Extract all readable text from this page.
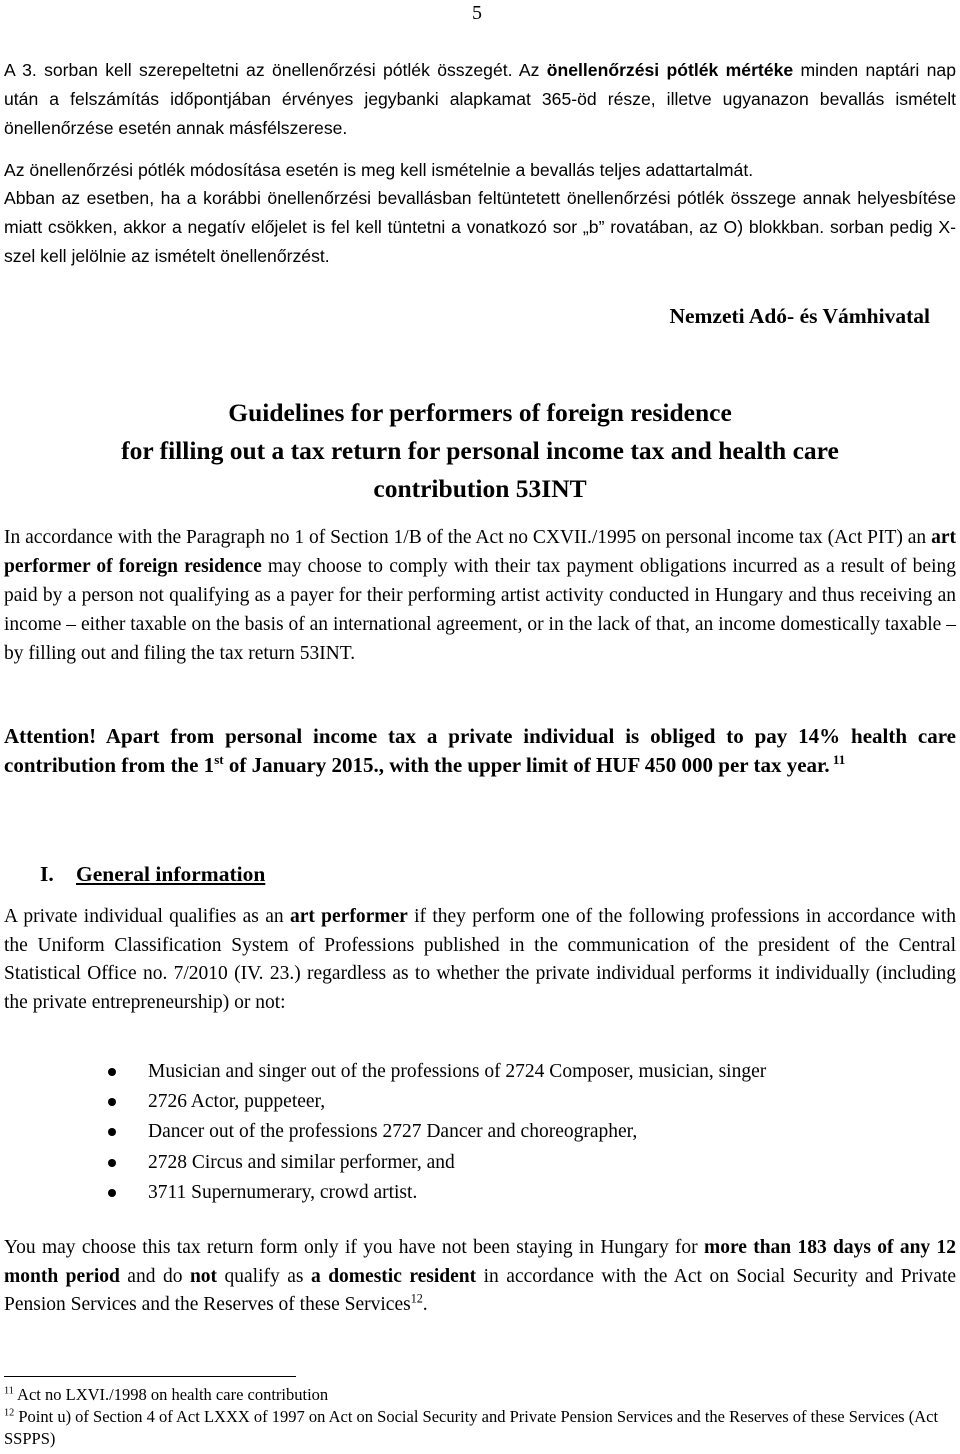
5

A 3. sorban kell szerepeltetni az önellenőrzési pótlék összegét. Az önellenőrzési pótlék mértéke minden naptári nap után a felszámítás időpontjában érvényes jegybanki alapkamat 365-öd része, illetve ugyanazon bevallás ismételt önellenőrzése esetén annak másfélszerese.

Az önellenőrzési pótlék módosítása esetén is meg kell ismételnie a bevallás teljes adattartalmát.

Abban az esetben, ha a korábbi önellenőrzési bevallásban feltüntetett önellenőrzési pótlék összege annak helyesbítése miatt csökken, akkor a negatív előjelet is fel kell tüntetni a vonatkozó sor „b” rovatában, az O) blokkban. sorban pedig X-szel kell jelölnie az ismételt önellenőrzést.

Nemzeti Adó- és Vámhivatal
Guidelines for performers of foreign residence
for filling out a tax return for personal income tax and health care
contribution 53INT

In accordance with the Paragraph no 1 of Section 1/B of the Act no CXVII./1995 on personal income tax (Act PIT) an art performer of foreign residence may choose to comply with their tax payment obligations incurred as a result of being paid by a person not qualifying as a payer for their performing artist activity conducted in Hungary and thus receiving an income – either taxable on the basis of an international agreement, or in the lack of that, an income domestically taxable – by filling out and filing the tax return 53INT.

Attention! Apart from personal income tax a private individual is obliged to pay 14% health care contribution from the 1st of January 2015., with the upper limit of HUF 450 000 per tax year. $^{11}$

I. General information

A private individual qualifies as an art performer if they perform one of the following professions in accordance with the Uniform Classification System of Professions published in the communication of the president of the Central Statistical Office no. 7/2010 (IV. 23.) regardless as to whether the private individual performs it individually (including the private entrepreneurship) or not:

Musician and singer out of the professions of 2724 Composer, musician, singer
2726 Actor, puppeteer,
Dancer out of the professions 2727 Dancer and choreographer,
2728 Circus and similar performer, and
3711 Supernumerary, crowd artist.

You may choose this tax return form only if you have not been staying in Hungary for more than 183 days of any 12 month period and do not qualify as a domestic resident in accordance with the Act on Social Security and Private Pension Services and the Reserves of these Services$^{12}$.

$^{11}$ Act no LXVI./1998 on health care contribution
$^{12}$ Point u) of Section 4 of Act LXXX of 1997 on Act on Social Security and Private Pension Services and the Reserves of these Services (Act SSPPS)
